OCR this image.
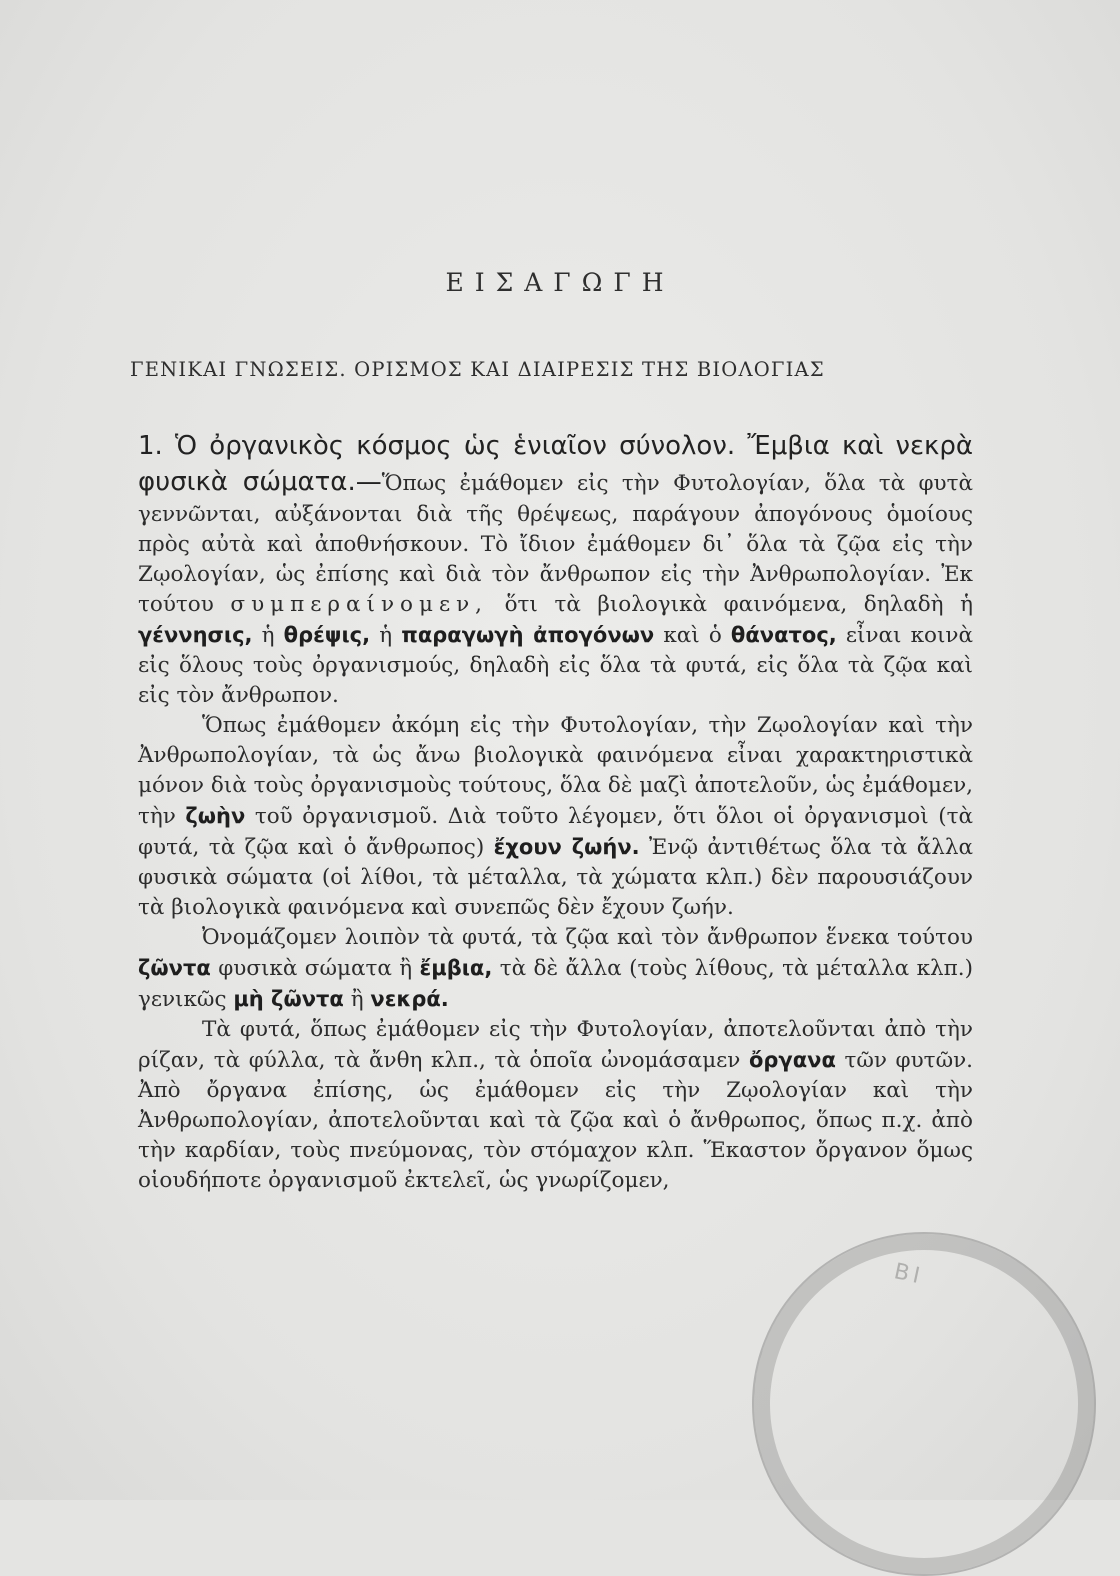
ΕΙΣΑΓΩΓΗ
ΓΕΝΙΚΑΙ ΓΝΩΣΕΙΣ. ΟΡΙΣΜΟΣ ΚΑΙ ΔΙΑΙΡΕΣΙΣ ΤΗΣ ΒΙΟΛΟΓΙΑΣ

1. Ὁ ὀργανικὸς κόσμος ὡς ἑνιαῖον σύνολον. Ἔμβια καὶ νεκρὰ φυσικὰ σώματα.—Ὅπως ἐμάθομεν εἰς τὴν Φυτολογίαν, ὅλα τὰ φυτὰ γεννῶνται, αὐξάνονται διὰ τῆς θρέψεως, παράγουν ἀπογόνους ὁμοίους πρὸς αὐτὰ καὶ ἀποθνήσκουν. Τὸ ἴδιον ἐμάθομεν δι᾽ ὅλα τὰ ζῷα εἰς τὴν Ζῳολογίαν, ὡς ἐπίσης καὶ διὰ τὸν ἄνθρωπον εἰς τὴν Ἀνθρωπολογίαν. Ἐκ τούτου συμπεραίνομεν, ὅτι τὰ βιολογικὰ φαινόμενα, δηλαδὴ ἡ γέννησις, ἡ θρέψις, ἡ παραγωγὴ ἀπογόνων καὶ ὁ θάνατος, εἶναι κοινὰ εἰς ὅλους τοὺς ὀργανισμούς, δηλαδὴ εἰς ὅλα τὰ φυτά, εἰς ὅλα τὰ ζῷα καὶ εἰς τὸν ἄνθρωπον.

Ὅπως ἐμάθομεν ἀκόμη εἰς τὴν Φυτολογίαν, τὴν Ζῳολογίαν καὶ τὴν Ἀνθρωπολογίαν, τὰ ὡς ἄνω βιολογικὰ φαινόμενα εἶναι χαρακτηριστικὰ μόνον διὰ τοὺς ὀργανισμοὺς τούτους, ὅλα δὲ μαζὶ ἀποτελοῦν, ὡς ἐμάθομεν, τὴν ζωὴν τοῦ ὀργανισμοῦ. Διὰ τοῦτο λέγομεν, ὅτι ὅλοι οἱ ὀργανισμοὶ (τὰ φυτά, τὰ ζῷα καὶ ὁ ἄνθρωπος) ἔχουν ζωήν. Ἐνῷ ἀντιθέτως ὅλα τὰ ἄλλα φυσικὰ σώματα (οἱ λίθοι, τὰ μέταλλα, τὰ χώματα κλπ.) δὲν παρουσιάζουν τὰ βιολογικὰ φαινόμενα καὶ συνεπῶς δὲν ἔχουν ζωήν.

Ὀνομάζομεν λοιπὸν τὰ φυτά, τὰ ζῷα καὶ τὸν ἄνθρωπον ἕνεκα τούτου ζῶντα φυσικὰ σώματα ἢ ἔμβια, τὰ δὲ ἄλλα (τοὺς λίθους, τὰ μέταλλα κλπ.) γενικῶς μὴ ζῶντα ἢ νεκρά.

Τὰ φυτά, ὅπως ἐμάθομεν εἰς τὴν Φυτολογίαν, ἀποτελοῦνται ἀπὸ τὴν ρίζαν, τὰ φύλλα, τὰ ἄνθη κλπ., τὰ ὁποῖα ὠνομάσαμεν ὄργανα τῶν φυτῶν. Ἀπὸ ὄργανα ἐπίσης, ὡς ἐμάθομεν εἰς τὴν Ζῳολογίαν καὶ τὴν Ἀνθρωπολογίαν, ἀποτελοῦνται καὶ τὰ ζῷα καὶ ὁ ἄνθρωπος, ὅπως π.χ. ἀπὸ τὴν καρδίαν, τοὺς πνεύμονας, τὸν στόμαχον κλπ. Ἕκαστον ὄργανον ὅμως οἱουδήποτε ὀργανισμοῦ ἐκτελεῖ, ὡς γνωρίζομεν,

ΒΙ
